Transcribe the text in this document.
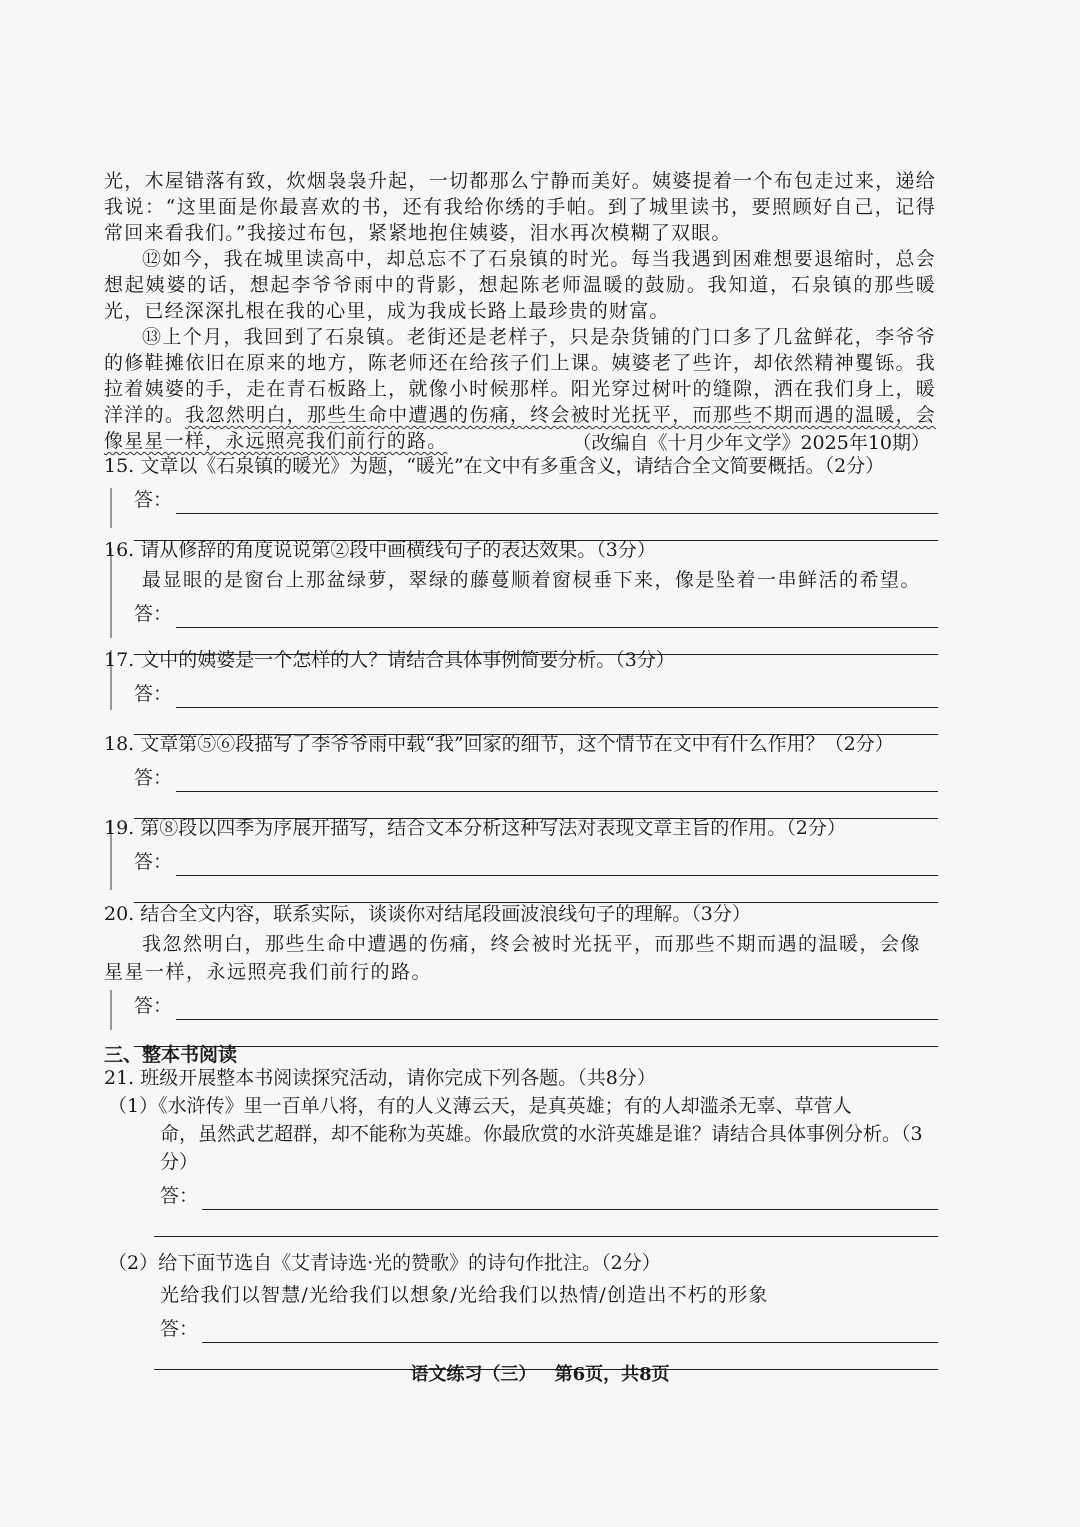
光，木屋错落有致，炊烟袅袅升起，一切都那么宁静而美好。姨婆提着一个布包走过来，递给我说：“这里面是你最喜欢的书，还有我给你绣的手帕。到了城里读书，要照顾好自己，记得常回来看我们。”我接过布包，紧紧地抱住姨婆，泪水再次模糊了双眼。

⑫如今，我在城里读高中，却总忘不了石泉镇的时光。每当我遇到困难想要退缩时，总会想起姨婆的话，想起李爷爷雨中的背影，想起陈老师温暖的鼓励。我知道，石泉镇的那些暖光，已经深深扎根在我的心里，成为我成长路上最珍贵的财富。

⑬上个月，我回到了石泉镇。老街还是老样子，只是杂货铺的门口多了几盆鲜花，李爷爷的修鞋摊依旧在原来的地方，陈老师还在给孩子们上课。姨婆老了些许，却依然精神矍铄。我拉着姨婆的手，走在青石板路上，就像小时候那样。阳光穿过树叶的缝隙，洒在我们身上，暖洋洋的。我忽然明白，那些生命中遭遇的伤痛，终会被时光抚平，而那些不期而遇的温暖，会像星星一样，永远照亮我们前行的路。	（改编自《十月少年文学》2025年10期）

15. 文章以《石泉镇的暖光》为题，“暖光”在文中有多重含义，请结合全文简要概括。（2分）

答：

16. 请从修辞的角度说说第②段中画横线句子的表达效果。（3分）

最显眼的是窗台上那盆绿萝，翠绿的藤蔓顺着窗棂垂下来，像是坠着一串鲜活的希望。

答：

17. 文中的姨婆是一个怎样的人？请结合具体事例简要分析。（3分）

答：

18. 文章第⑤⑥段描写了李爷爷雨中载“我”回家的细节，这个情节在文中有什么作用？（2分）

答：

19. 第⑧段以四季为序展开描写，结合文本分析这种写法对表现文章主旨的作用。（2分）

答：

20. 结合全文内容，联系实际，谈谈你对结尾段画波浪线句子的理解。（3分）

我忽然明白，那些生命中遭遇的伤痛，终会被时光抚平，而那些不期而遇的温暖，会像星星一样，永远照亮我们前行的路。

答：
三、整本书阅读

21. 班级开展整本书阅读探究活动，请你完成下列各题。（共8分）

（1）《水浒传》里一百单八将，有的人义薄云天，是真英雄；有的人却滥杀无辜、草菅人

命，虽然武艺超群，却不能称为英雄。你最欣赏的水浒英雄是谁？请结合具体事例分析。（3分）

答：

（2）给下面节选自《艾青诗选·光的赞歌》的诗句作批注。（2分）

光给我们以智慧/光给我们以想象/光给我们以热情/创造出不朽的形象

答：
语文练习（三） 第6页，共8页
